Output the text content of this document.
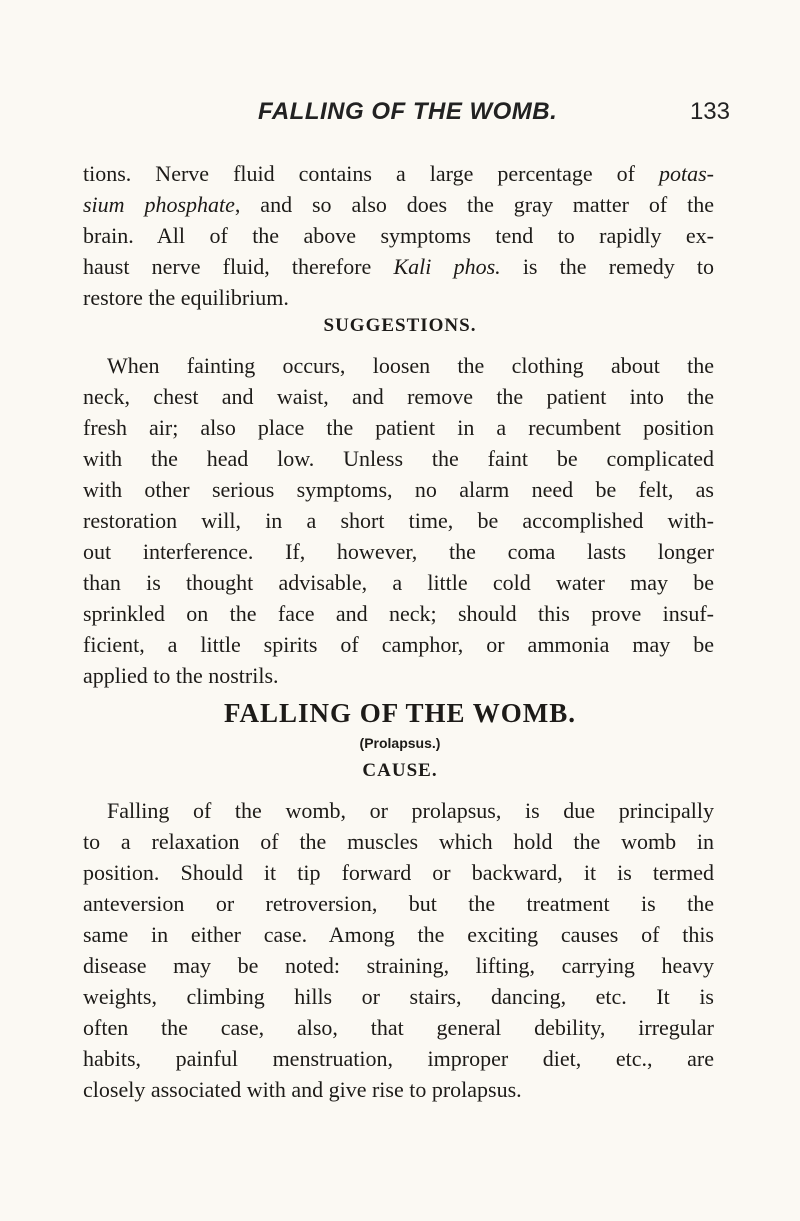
FALLING OF THE WOMB.	133
tions. Nerve fluid contains a large percentage of potas-
sium phosphate, and so also does the gray matter of the
brain. All of the above symptoms tend to rapidly ex-
haust nerve fluid, therefore Kali phos. is the remedy to
restore the equilibrium.
SUGGESTIONS.
When fainting occurs, loosen the clothing about the
neck, chest and waist, and remove the patient into the
fresh air; also place the patient in a recumbent position
with the head low. Unless the faint be complicated
with other serious symptoms, no alarm need be felt, as
restoration will, in a short time, be accomplished with-
out interference. If, however, the coma lasts longer
than is thought advisable, a little cold water may be
sprinkled on the face and neck; should this prove insuf-
ficient, a little spirits of camphor, or ammonia may be
applied to the nostrils.
FALLING OF THE WOMB.
(Prolapsus.)
CAUSE.
Falling of the womb, or prolapsus, is due principally
to a relaxation of the muscles which hold the womb in
position. Should it tip forward or backward, it is termed
anteversion or retroversion, but the treatment is the
same in either case. Among the exciting causes of this
disease may be noted: straining, lifting, carrying heavy
weights, climbing hills or stairs, dancing, etc. It is
often the case, also, that general debility, irregular
habits, painful menstruation, improper diet, etc., are
closely associated with and give rise to prolapsus.
